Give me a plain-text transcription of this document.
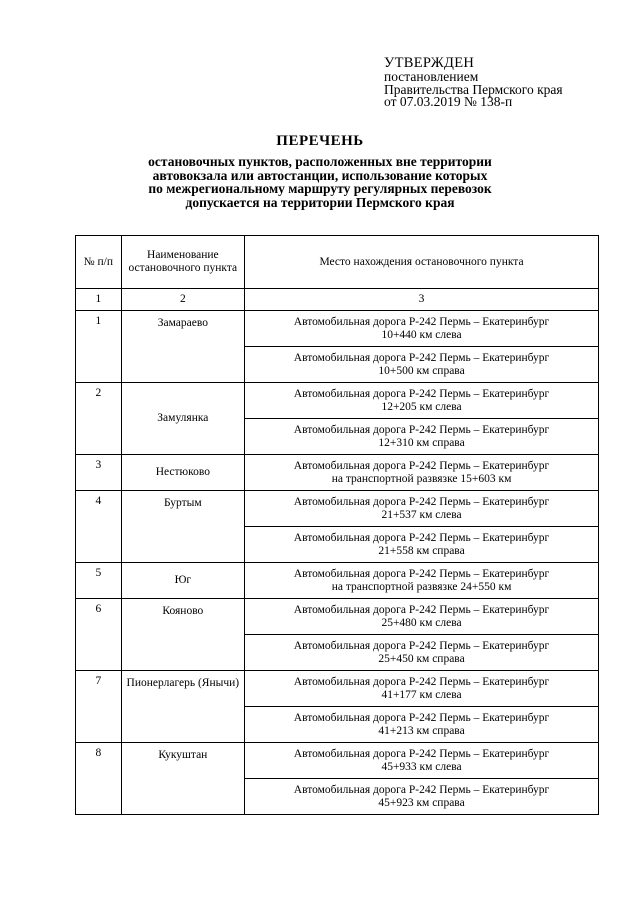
УТВЕРЖДЕН
постановлением
Правительства Пермского края
от 07.03.2019 № 138-п
ПЕРЕЧЕНЬ
остановочных пунктов, расположенных вне территории
автовокзала или автостанции, использование которых
по межрегиональному маршруту регулярных перевозок
допускается на территории Пермского края
№ п/п	Наименование остановочного пункта	Место нахождения остановочного пункта
1	2	3
1	Замараево	Автомобильная дорога Р-242 Пермь – Екатеринбург
10+440 км слева

		Автомобильная дорога Р-242 Пермь – Екатеринбург
10+500 км справа

2	Замулянка	Автомобильная дорога Р-242 Пермь – Екатеринбург
12+205 км слева

		Автомобильная дорога Р-242 Пермь – Екатеринбург
12+310 км справа

3	Нестюково	Автомобильная дорога Р-242 Пермь – Екатеринбург
на транспортной развязке 15+603 км

4	Буртым	Автомобильная дорога Р-242 Пермь – Екатеринбург
21+537 км слева

		Автомобильная дорога Р-242 Пермь – Екатеринбург
21+558 км справа

5	Юг	Автомобильная дорога Р-242 Пермь – Екатеринбург
на транспортной развязке 24+550 км

6	Кояново	Автомобильная дорога Р-242 Пермь – Екатеринбург
25+480 км слева

		Автомобильная дорога Р-242 Пермь – Екатеринбург
25+450 км справа

7	Пионерлагерь (Янычи)	Автомобильная дорога Р-242 Пермь – Екатеринбург
41+177 км слева

		Автомобильная дорога Р-242 Пермь – Екатеринбург
41+213 км справа

8	Кукуштан	Автомобильная дорога Р-242 Пермь – Екатеринбург
45+933 км слева

		Автомобильная дорога Р-242 Пермь – Екатеринбург
45+923 км справа
